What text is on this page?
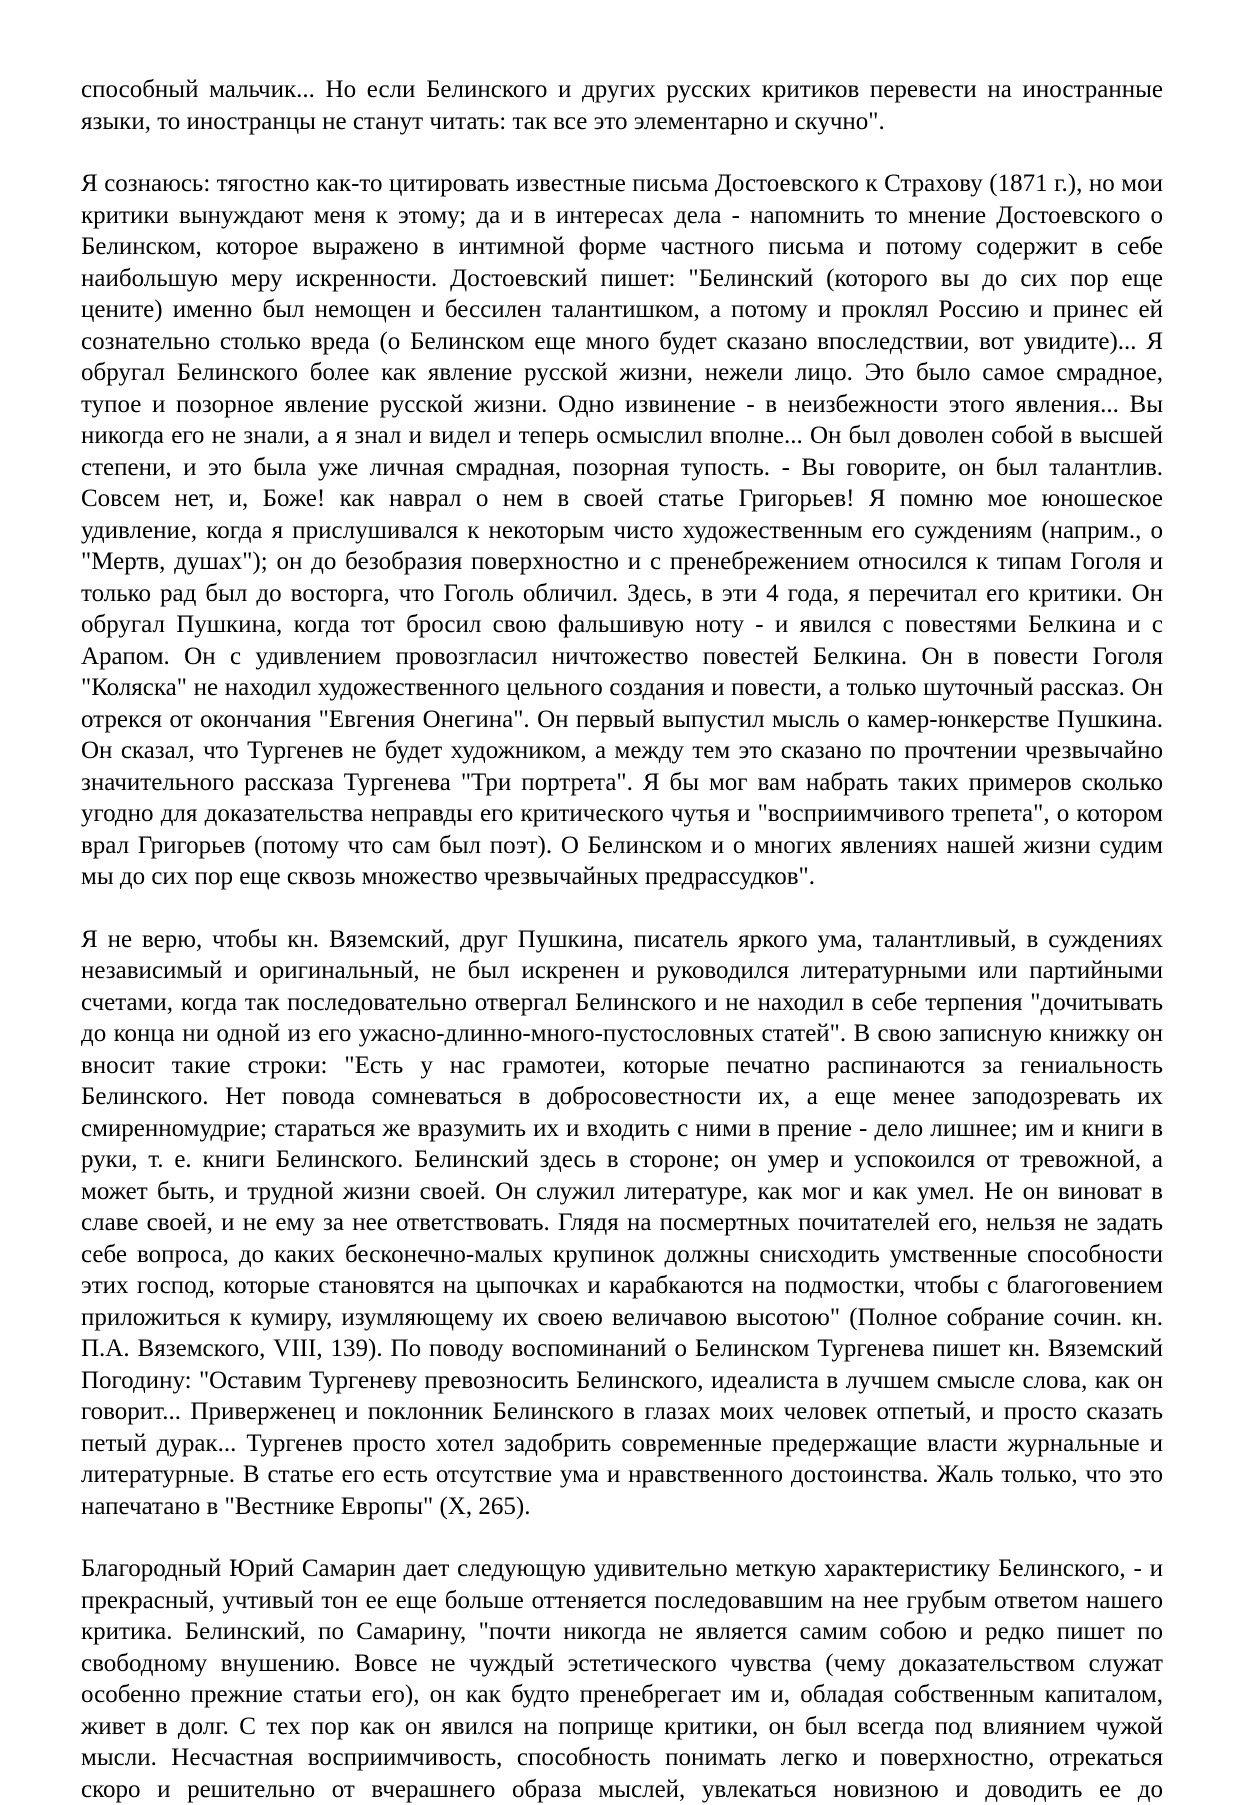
способный мальчик... Но если Белинского и других русских критиков перевести на иностранные языки, то иностранцы не станут читать: так все это элементарно и скучно".

Я сознаюсь: тягостно как-то цитировать известные письма Достоевского к Страхову (1871 г.), но мои критики вынуждают меня к этому; да и в интересах дела - напомнить то мнение Достоевского о Белинском, которое выражено в интимной форме частного письма и потому содержит в себе наибольшую меру искренности. Достоевский пишет: "Белинский (которого вы до сих пор еще цените) именно был немощен и бессилен талантишком, а потому и проклял Россию и принес ей сознательно столько вреда (о Белинском еще много будет сказано впоследствии, вот увидите)... Я обругал Белинского более как явление русской жизни, нежели лицо. Это было самое смрадное, тупое и позорное явление русской жизни. Одно извинение - в неизбежности этого явления... Вы никогда его не знали, а я знал и видел и теперь осмыслил вполне... Он был доволен собой в высшей степени, и это была уже личная смрадная, позорная тупость. - Вы говорите, он был талантлив. Совсем нет, и, Боже! как наврал о нем в своей статье Григорьев! Я помню мое юношеское удивление, когда я прислушивался к некоторым чисто художественным его суждениям (наприм., о "Мертв, душах"); он до безобразия поверхностно и с пренебрежением относился к типам Гоголя и только рад был до восторга, что Гоголь обличил. Здесь, в эти 4 года, я перечитал его критики. Он обругал Пушкина, когда тот бросил свою фальшивую ноту - и явился с повестями Белкина и с Арапом. Он с удивлением провозгласил ничтожество повестей Белкина. Он в повести Гоголя "Коляска" не находил художественного цельного создания и повести, а только шуточный рассказ. Он отрекся от окончания "Евгения Онегина". Он первый выпустил мысль о камер-юнкерстве Пушкина. Он сказал, что Тургенев не будет художником, а между тем это сказано по прочтении чрезвычайно значительного рассказа Тургенева "Три портрета". Я бы мог вам набрать таких примеров сколько угодно для доказательства неправды его критического чутья и "восприимчивого трепета", о котором врал Григорьев (потому что сам был поэт). О Белинском и о многих явлениях нашей жизни судим мы до сих пор еще сквозь множество чрезвычайных предрассудков".

Я не верю, чтобы кн. Вяземский, друг Пушкина, писатель яркого ума, талантливый, в суждениях независимый и оригинальный, не был искренен и руководился литературными или партийными счетами, когда так последовательно отвергал Белинского и не находил в себе терпения "дочитывать до конца ни одной из его ужасно-длинно-много-пустословных статей". В свою записную книжку он вносит такие строки: "Есть у нас грамотеи, которые печатно распинаются за гениальность Белинского. Нет повода сомневаться в добросовестности их, а еще менее заподозревать их смиренномудрие; стараться же вразумить их и входить с ними в прение - дело лишнее; им и книги в руки, т. е. книги Белинского. Белинский здесь в стороне; он умер и успокоился от тревожной, а может быть, и трудной жизни своей. Он служил литературе, как мог и как умел. Не он виноват в славе своей, и не ему за нее ответствовать. Глядя на посмертных почитателей его, нельзя не задать себе вопроса, до каких бесконечно-малых крупинок должны снисходить умственные способности этих господ, которые становятся на цыпочках и карабкаются на подмостки, чтобы с благоговением приложиться к кумиру, изумляющему их своею величавою высотою" (Полное собрание сочин. кн. П.А. Вяземского, VIII, 139). По поводу воспоминаний о Белинском Тургенева пишет кн. Вяземский Погодину: "Оставим Тургеневу превозносить Белинского, идеалиста в лучшем смысле слова, как он говорит... Приверженец и поклонник Белинского в глазах моих человек отпетый, и просто сказать петый дурак... Тургенев просто хотел задобрить современные предержащие власти журнальные и литературные. В статье его есть отсутствие ума и нравственного достоинства. Жаль только, что это напечатано в "Вестнике Европы" (X, 265).

Благородный Юрий Самарин дает следующую удивительно меткую характеристику Белинского, - и прекрасный, учтивый тон ее еще больше оттеняется последовавшим на нее грубым ответом нашего критика. Белинский, по Самарину, "почти никогда не является самим собою и редко пишет по свободному внушению. Вовсе не чуждый эстетического чувства (чему доказательством служат особенно прежние статьи его), он как будто пренебрегает им и, обладая собственным капиталом, живет в долг. С тех пор как он явился на поприще критики, он был всегда под влиянием чужой мысли. Несчастная восприимчивость, способность понимать легко и поверхностно, отрекаться скоро и решительно от вчерашнего образа мыслей, увлекаться новизною и доводить ее до
